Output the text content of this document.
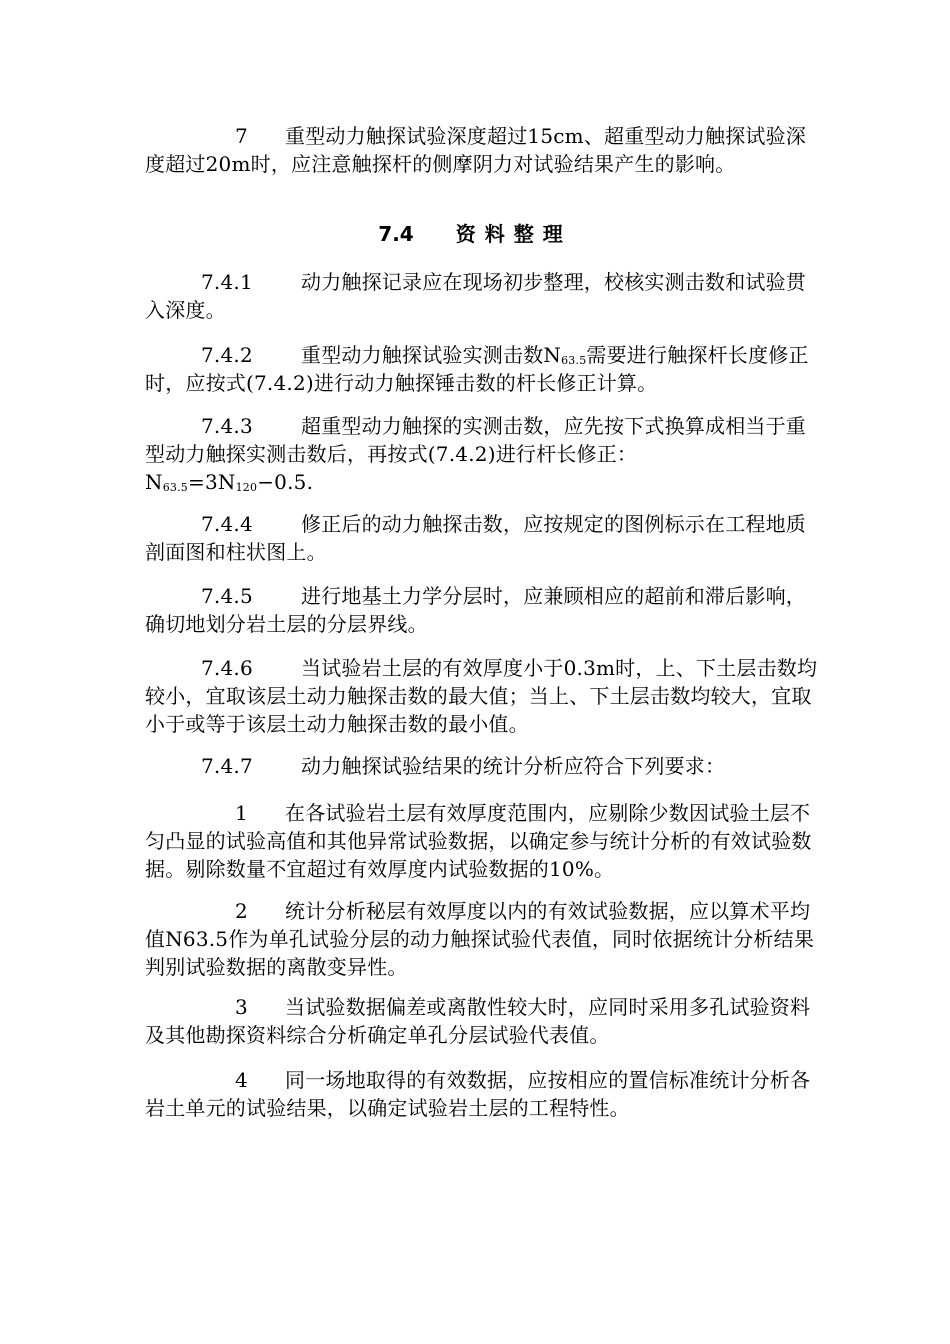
7 重型动力触探试验深度超过15cm、超重型动力触探试验深度超过20m时，应注意触探杆的侧摩阴力对试验结果产生的影响。

7.4 资料整理

7.4.1 动力触探记录应在现场初步整理，校核实测击数和试验贯入深度。

7.4.2 重型动力触探试验实测击数$N_{63.5}$需要进行触探杆长度修正时，应按式(7.4.2)进行动力触探锤击数的杆长修正计算。

7.4.3 超重型动力触探的实测击数，应先按下式换算成相当于重型动力触探实测击数后，再按式(7.4.2)进行杆长修正：
$N_{63.5}=3N_{120}-0.5$.

7.4.4 修正后的动力触探击数，应按规定的图例标示在工程地质剖面图和柱状图上。

7.4.5 进行地基土力学分层时，应兼顾相应的超前和滞后影响，确切地划分岩土层的分层界线。

7.4.6 当试验岩土层的有效厚度小于0.3m时，上、下土层击数均较小，宜取该层土动力触探击数的最大值；当上、下土层击数均较大，宜取小于或等于该层土动力触探击数的最小值。

7.4.7 动力触探试验结果的统计分析应符合下列要求：

1 在各试验岩土层有效厚度范围内，应剔除少数因试验土层不匀凸显的试验高值和其他异常试验数据，以确定参与统计分析的有效试验数据。剔除数量不宜超过有效厚度内试验数据的10%。

2 统计分析秘层有效厚度以内的有效试验数据，应以算术平均值N63.5作为单孔试验分层的动力触探试验代表值，同时依据统计分析结果判别试验数据的离散变异性。

3 当试验数据偏差或离散性较大时，应同时采用多孔试验资料及其他勘探资料综合分析确定单孔分层试验代表值。

4 同一场地取得的有效数据，应按相应的置信标准统计分析各岩土单元的试验结果，以确定试验岩土层的工程特性。
